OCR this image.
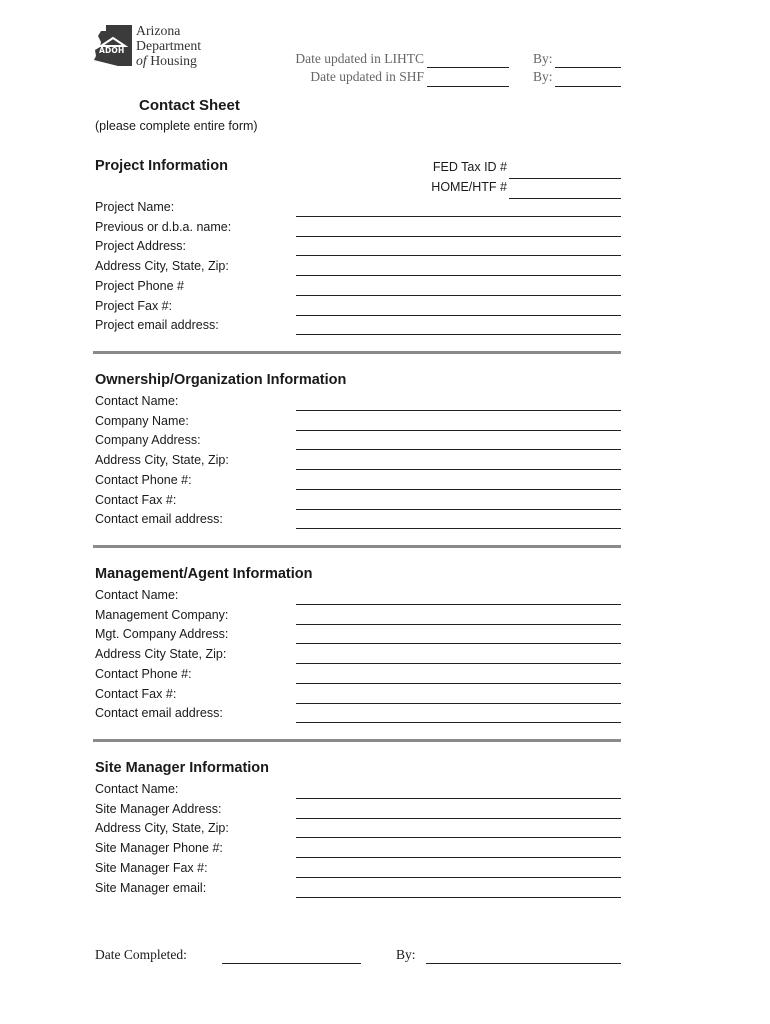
ADOH
Arizona
Department
of Housing	Date updated in LIHTC	By:
Date updated in SHF	By:
Contact Sheet
(please complete entire form)
Project Information	FED Tax ID #
HOME/HTF #
Project Name:
Previous or d.b.a. name:
Project Address:
Address City, State, Zip:
Project Phone #
Project Fax #:
Project email address:
Ownership/Organization Information
Contact Name:
Company Name:
Company Address:
Address City, State, Zip:
Contact Phone #:
Contact Fax #:
Contact email address:
Management/Agent Information
Contact Name:
Management Company:
Mgt. Company Address:
Address City State, Zip:
Contact Phone #:
Contact Fax #:
Contact email address:
Site Manager Information
Contact Name:
Site Manager Address:
Address City, State, Zip:
Site Manager Phone #:
Site Manager Fax #:
Site Manager email:
Date Completed:	By:
